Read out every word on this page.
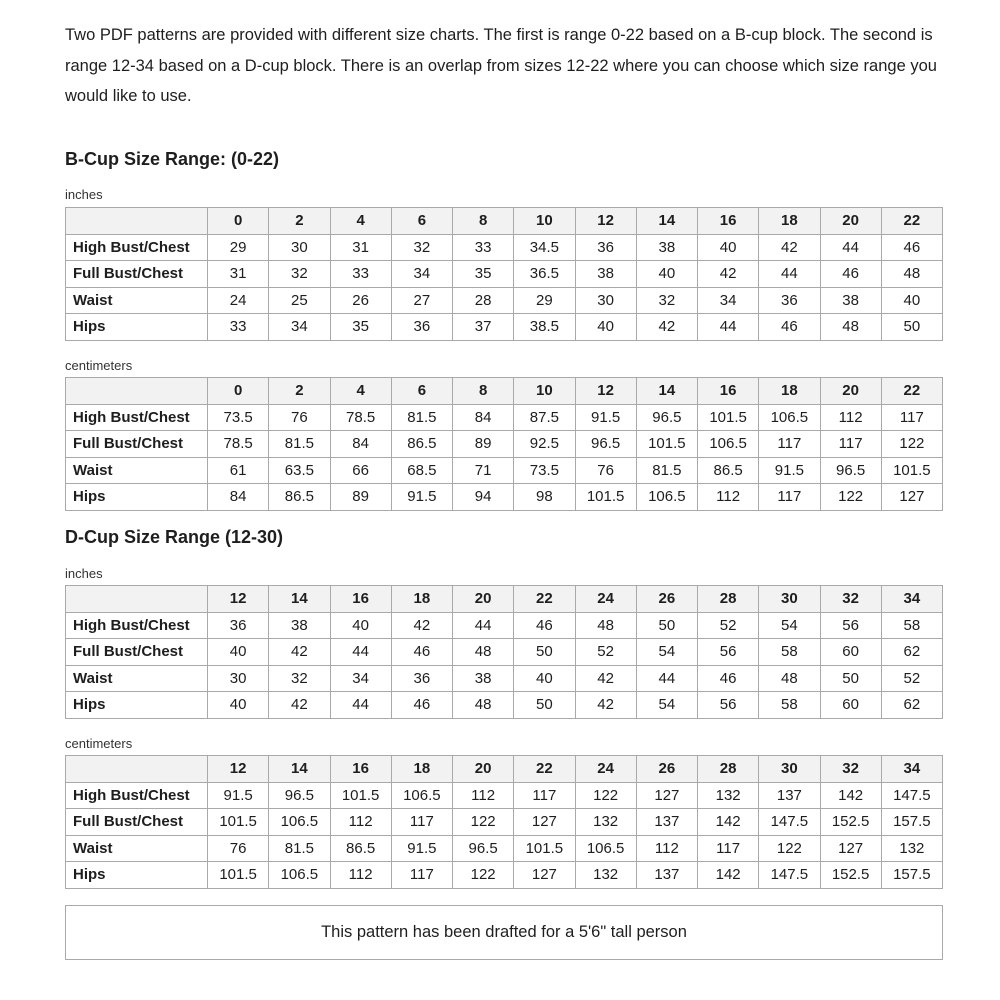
Two PDF patterns are provided with different size charts. The first is range 0-22 based on a B-cup block. The second is range 12-34 based on a D-cup block. There is an overlap from sizes 12-22 where you can choose which size range you would like to use.

B-Cup Size Range: (0-22)

inches

	0	2	4	6	8	10	12	14	16	18	20	22
High Bust/Chest	29	30	31	32	33	34.5	36	38	40	42	44	46
Full Bust/Chest	31	32	33	34	35	36.5	38	40	42	44	46	48
Waist	24	25	26	27	28	29	30	32	34	36	38	40
Hips	33	34	35	36	37	38.5	40	42	44	46	48	50

centimeters

	0	2	4	6	8	10	12	14	16	18	20	22
High Bust/Chest	73.5	76	78.5	81.5	84	87.5	91.5	96.5	101.5	106.5	112	117
Full Bust/Chest	78.5	81.5	84	86.5	89	92.5	96.5	101.5	106.5	117	117	122
Waist	61	63.5	66	68.5	71	73.5	76	81.5	86.5	91.5	96.5	101.5
Hips	84	86.5	89	91.5	94	98	101.5	106.5	112	117	122	127
D-Cup Size Range (12-30)

inches

	12	14	16	18	20	22	24	26	28	30	32	34
High Bust/Chest	36	38	40	42	44	46	48	50	52	54	56	58
Full Bust/Chest	40	42	44	46	48	50	52	54	56	58	60	62
Waist	30	32	34	36	38	40	42	44	46	48	50	52
Hips	40	42	44	46	48	50	42	54	56	58	60	62

centimeters

	12	14	16	18	20	22	24	26	28	30	32	34
High Bust/Chest	91.5	96.5	101.5	106.5	112	117	122	127	132	137	142	147.5
Full Bust/Chest	101.5	106.5	112	117	122	127	132	137	142	147.5	152.5	157.5
Waist	76	81.5	86.5	91.5	96.5	101.5	106.5	112	117	122	127	132
Hips	101.5	106.5	112	117	122	127	132	137	142	147.5	152.5	157.5
This pattern has been drafted for a 5'6" tall person
